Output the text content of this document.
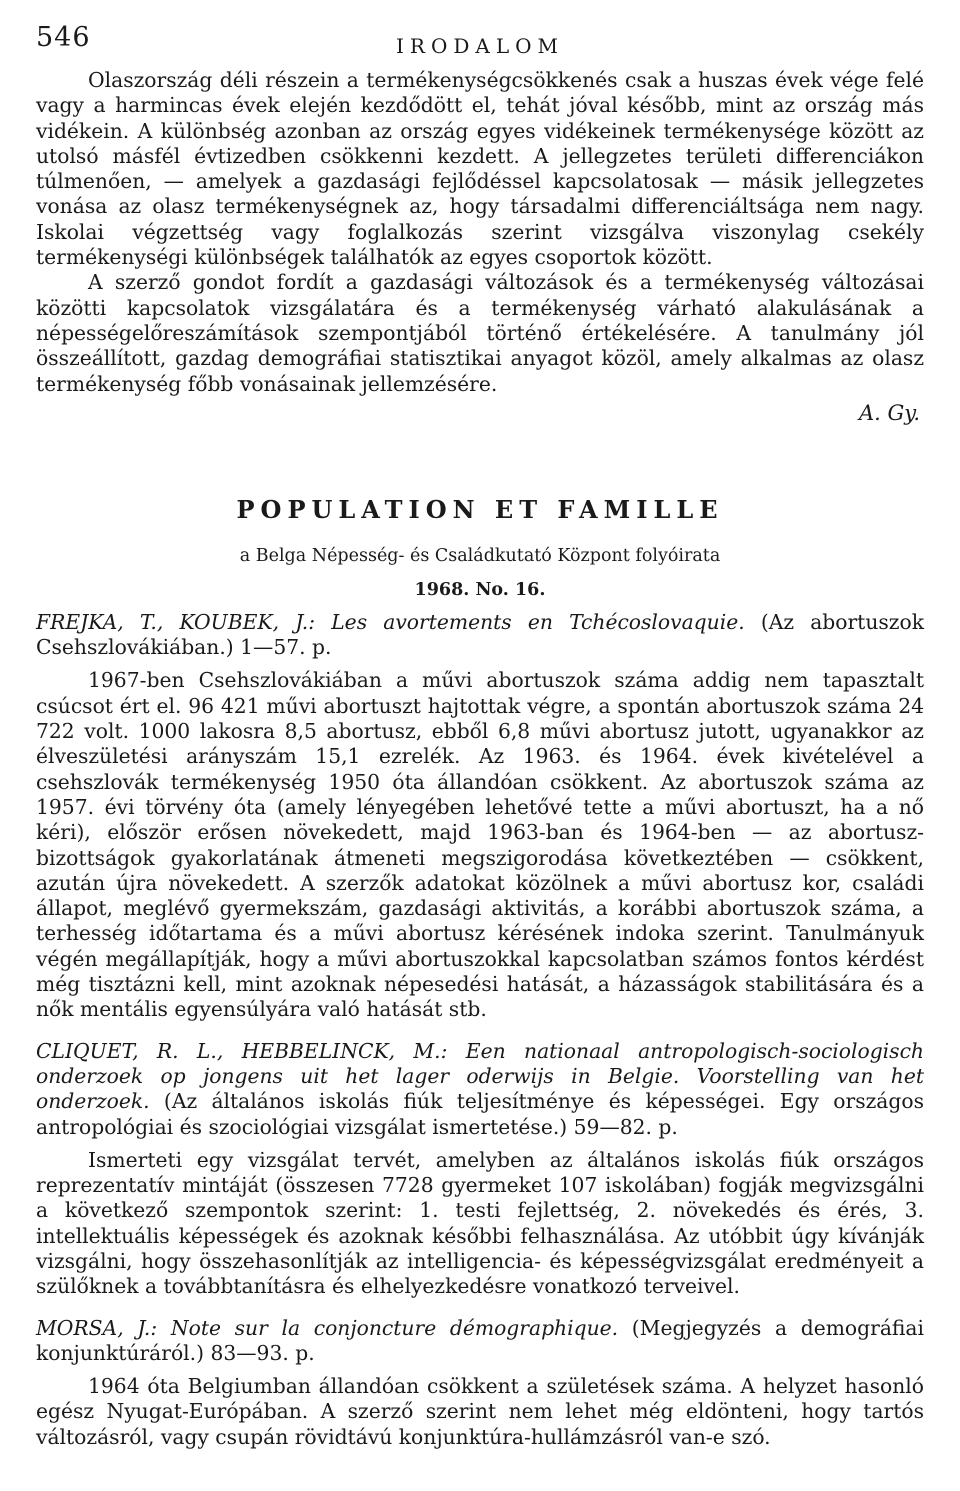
546	IRODALOM

Olaszország déli részein a termékenységcsökkenés csak a huszas évek vége felé vagy a harmincas évek elején kezdődött el, tehát jóval később, mint az ország más vidékein. A különbség azonban az ország egyes vidékeinek termékenysége között az utolsó másfél évtizedben csökkenni kezdett. A jellegzetes területi differenciákon túlmenően, — amelyek a gazdasági fejlődéssel kapcsolatosak — másik jellegzetes vonása az olasz termékenységnek az, hogy társadalmi differenciáltsága nem nagy. Iskolai végzettség vagy foglalkozás szerint vizsgálva viszonylag csekély termékenységi különbségek találhatók az egyes csoportok között.

A szerző gondot fordít a gazdasági változások és a termékenység változásai közötti kapcsolatok vizsgálatára és a termékenység várható alakulásának a népességelőreszámítások szempontjából történő értékelésére. A tanulmány jól összeállított, gazdag demográfiai statisztikai anyagot közöl, amely alkalmas az olasz termékenység főbb vonásainak jellemzésére.

A. Gy.
POPULATION ET FAMILLE
a Belga Népesség- és Családkutató Központ folyóirata
1968. No. 16.

FREJKA, T., KOUBEK, J.: Les avortements en Tchécoslovaquie. (Az abortuszok Csehszlovákiában.) 1—57. p.

1967-ben Csehszlovákiában a művi abortuszok száma addig nem tapasztalt csúcsot ért el. 96 421 művi abortuszt hajtottak végre, a spontán abortuszok száma 24 722 volt. 1000 lakosra 8,5 abortusz, ebből 6,8 művi abortusz jutott, ugyanakkor az élveszületési arányszám 15,1 ezrelék. Az 1963. és 1964. évek kivételével a csehszlovák termékenység 1950 óta állandóan csökkent. Az abortuszok száma az 1957. évi törvény óta (amely lényegében lehetővé tette a művi abortuszt, ha a nő kéri), először erősen növekedett, majd 1963-ban és 1964-ben — az abortusz-bizottságok gyakorlatának átmeneti megszigorodása következtében — csökkent, azután újra növekedett. A szerzők adatokat közölnek a művi abortusz kor, családi állapot, meglévő gyermekszám, gazdasági aktivitás, a korábbi abortuszok száma, a terhesség időtartama és a művi abortusz kérésének indoka szerint. Tanulmányuk végén megállapítják, hogy a művi abortuszokkal kapcsolatban számos fontos kérdést még tisztázni kell, mint azoknak népesedési hatását, a házasságok stabilitására és a nők mentális egyensúlyára való hatását stb.

CLIQUET, R. L., HEBBELINCK, M.: Een nationaal antropologisch-sociologisch onderzoek op jongens uit het lager oderwijs in Belgie. Voorstelling van het onderzoek. (Az általános iskolás fiúk teljesítménye és képességei. Egy országos antropológiai és szociológiai vizsgálat ismertetése.) 59—82. p.

Ismerteti egy vizsgálat tervét, amelyben az általános iskolás fiúk országos reprezentatív mintáját (összesen 7728 gyermeket 107 iskolában) fogják megvizsgálni a következő szempontok szerint: 1. testi fejlettség, 2. növekedés és érés, 3. intellektuális képességek és azoknak későbbi felhasználása. Az utóbbit úgy kívánják vizsgálni, hogy összehasonlítják az intelligencia- és képességvizsgálat eredményeit a szülőknek a továbbtanításra és elhelyezkedésre vonatkozó terveivel.

MORSA, J.: Note sur la conjoncture démographique. (Megjegyzés a demográfiai konjunktúráról.) 83—93. p.

1964 óta Belgiumban állandóan csökkent a születések száma. A helyzet hasonló egész Nyugat-Európában. A szerző szerint nem lehet még eldönteni, hogy tartós változásról, vagy csupán rövidtávú konjunktúra-hullámzásról van-e szó.
